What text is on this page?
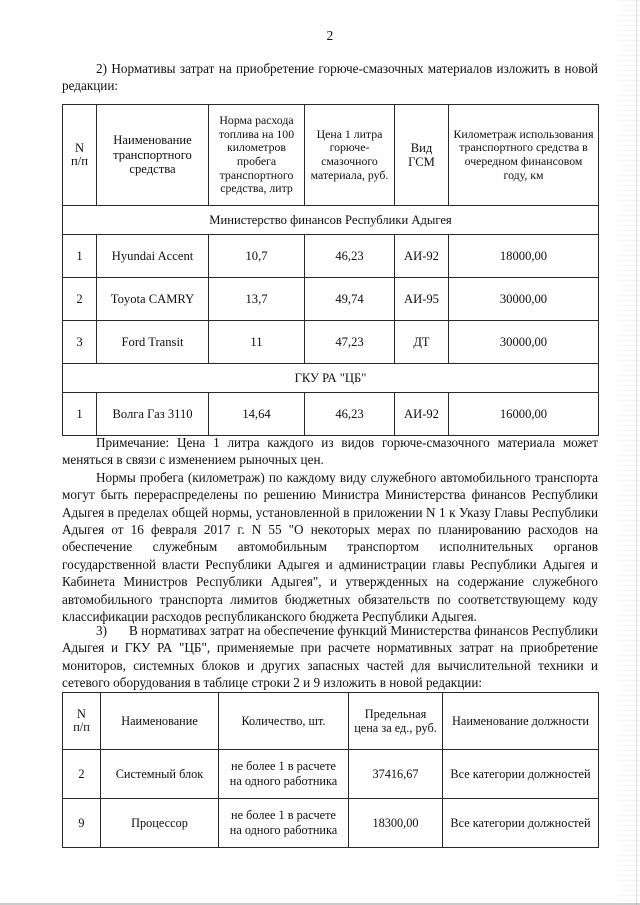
2

2) Нормативы затрат на приобретение горюче-смазочных материалов изложить в новой редакции:

N
п/п	Наименование транспортного средства	Норма расхода топлива на 100 километров пробега транспортного средства, литр	Цена 1 литра горюче-смазочного материала, руб.	Вид ГСМ	Километраж использования транспортного средства в очередном финансовом году, км
Министерство финансов Республики Адыгея					
1	Hyundai Accent	10,7	46,23	АИ-92	18000,00
2	Toyota CAMRY	13,7	49,74	АИ-95	30000,00
3	Ford Transit	11	47,23	ДТ	30000,00
ГКУ РА "ЦБ"					
1	Волга Газ 3110	14,64	46,23	АИ-92	16000,00

Примечание: Цена 1 литра каждого из видов горюче-смазочного материала может меняться в связи с изменением рыночных цен.

Нормы пробега (километраж) по каждому виду служебного автомобильного транспорта могут быть перераспределены по решению Министра Министерства финансов Республики Адыгея в пределах общей нормы, установленной в приложении N 1 к Указу Главы Республики Адыгея от 16 февраля 2017 г. N 55 "О некоторых мерах по планированию расходов на обеспечение служебным автомобильным транспортом исполнительных органов государственной власти Республики Адыгея и администрации главы Республики Адыгея и Кабинета Министров Республики Адыгея", и утвержденных на содержание служебного автомобильного транспорта лимитов бюджетных обязательств по соответствующему коду классификации расходов республиканского бюджета Республики Адыгея.

3) В нормативах затрат на обеспечение функций Министерства финансов Республики Адыгея и ГКУ РА "ЦБ", применяемые при расчете нормативных затрат на приобретение мониторов, системных блоков и других запасных частей для вычислительной техники и сетевого оборудования в таблице строки 2 и 9 изложить в новой редакции:

N
п/п	Наименование	Количество, шт.	Предельная цена за ед., руб.	Наименование должности
2	Системный блок	не более 1 в расчете
на одного работника	37416,67	Все категории должностей
9	Процессор	не более 1 в расчете
на одного работника	18300,00	Все категории должностей
